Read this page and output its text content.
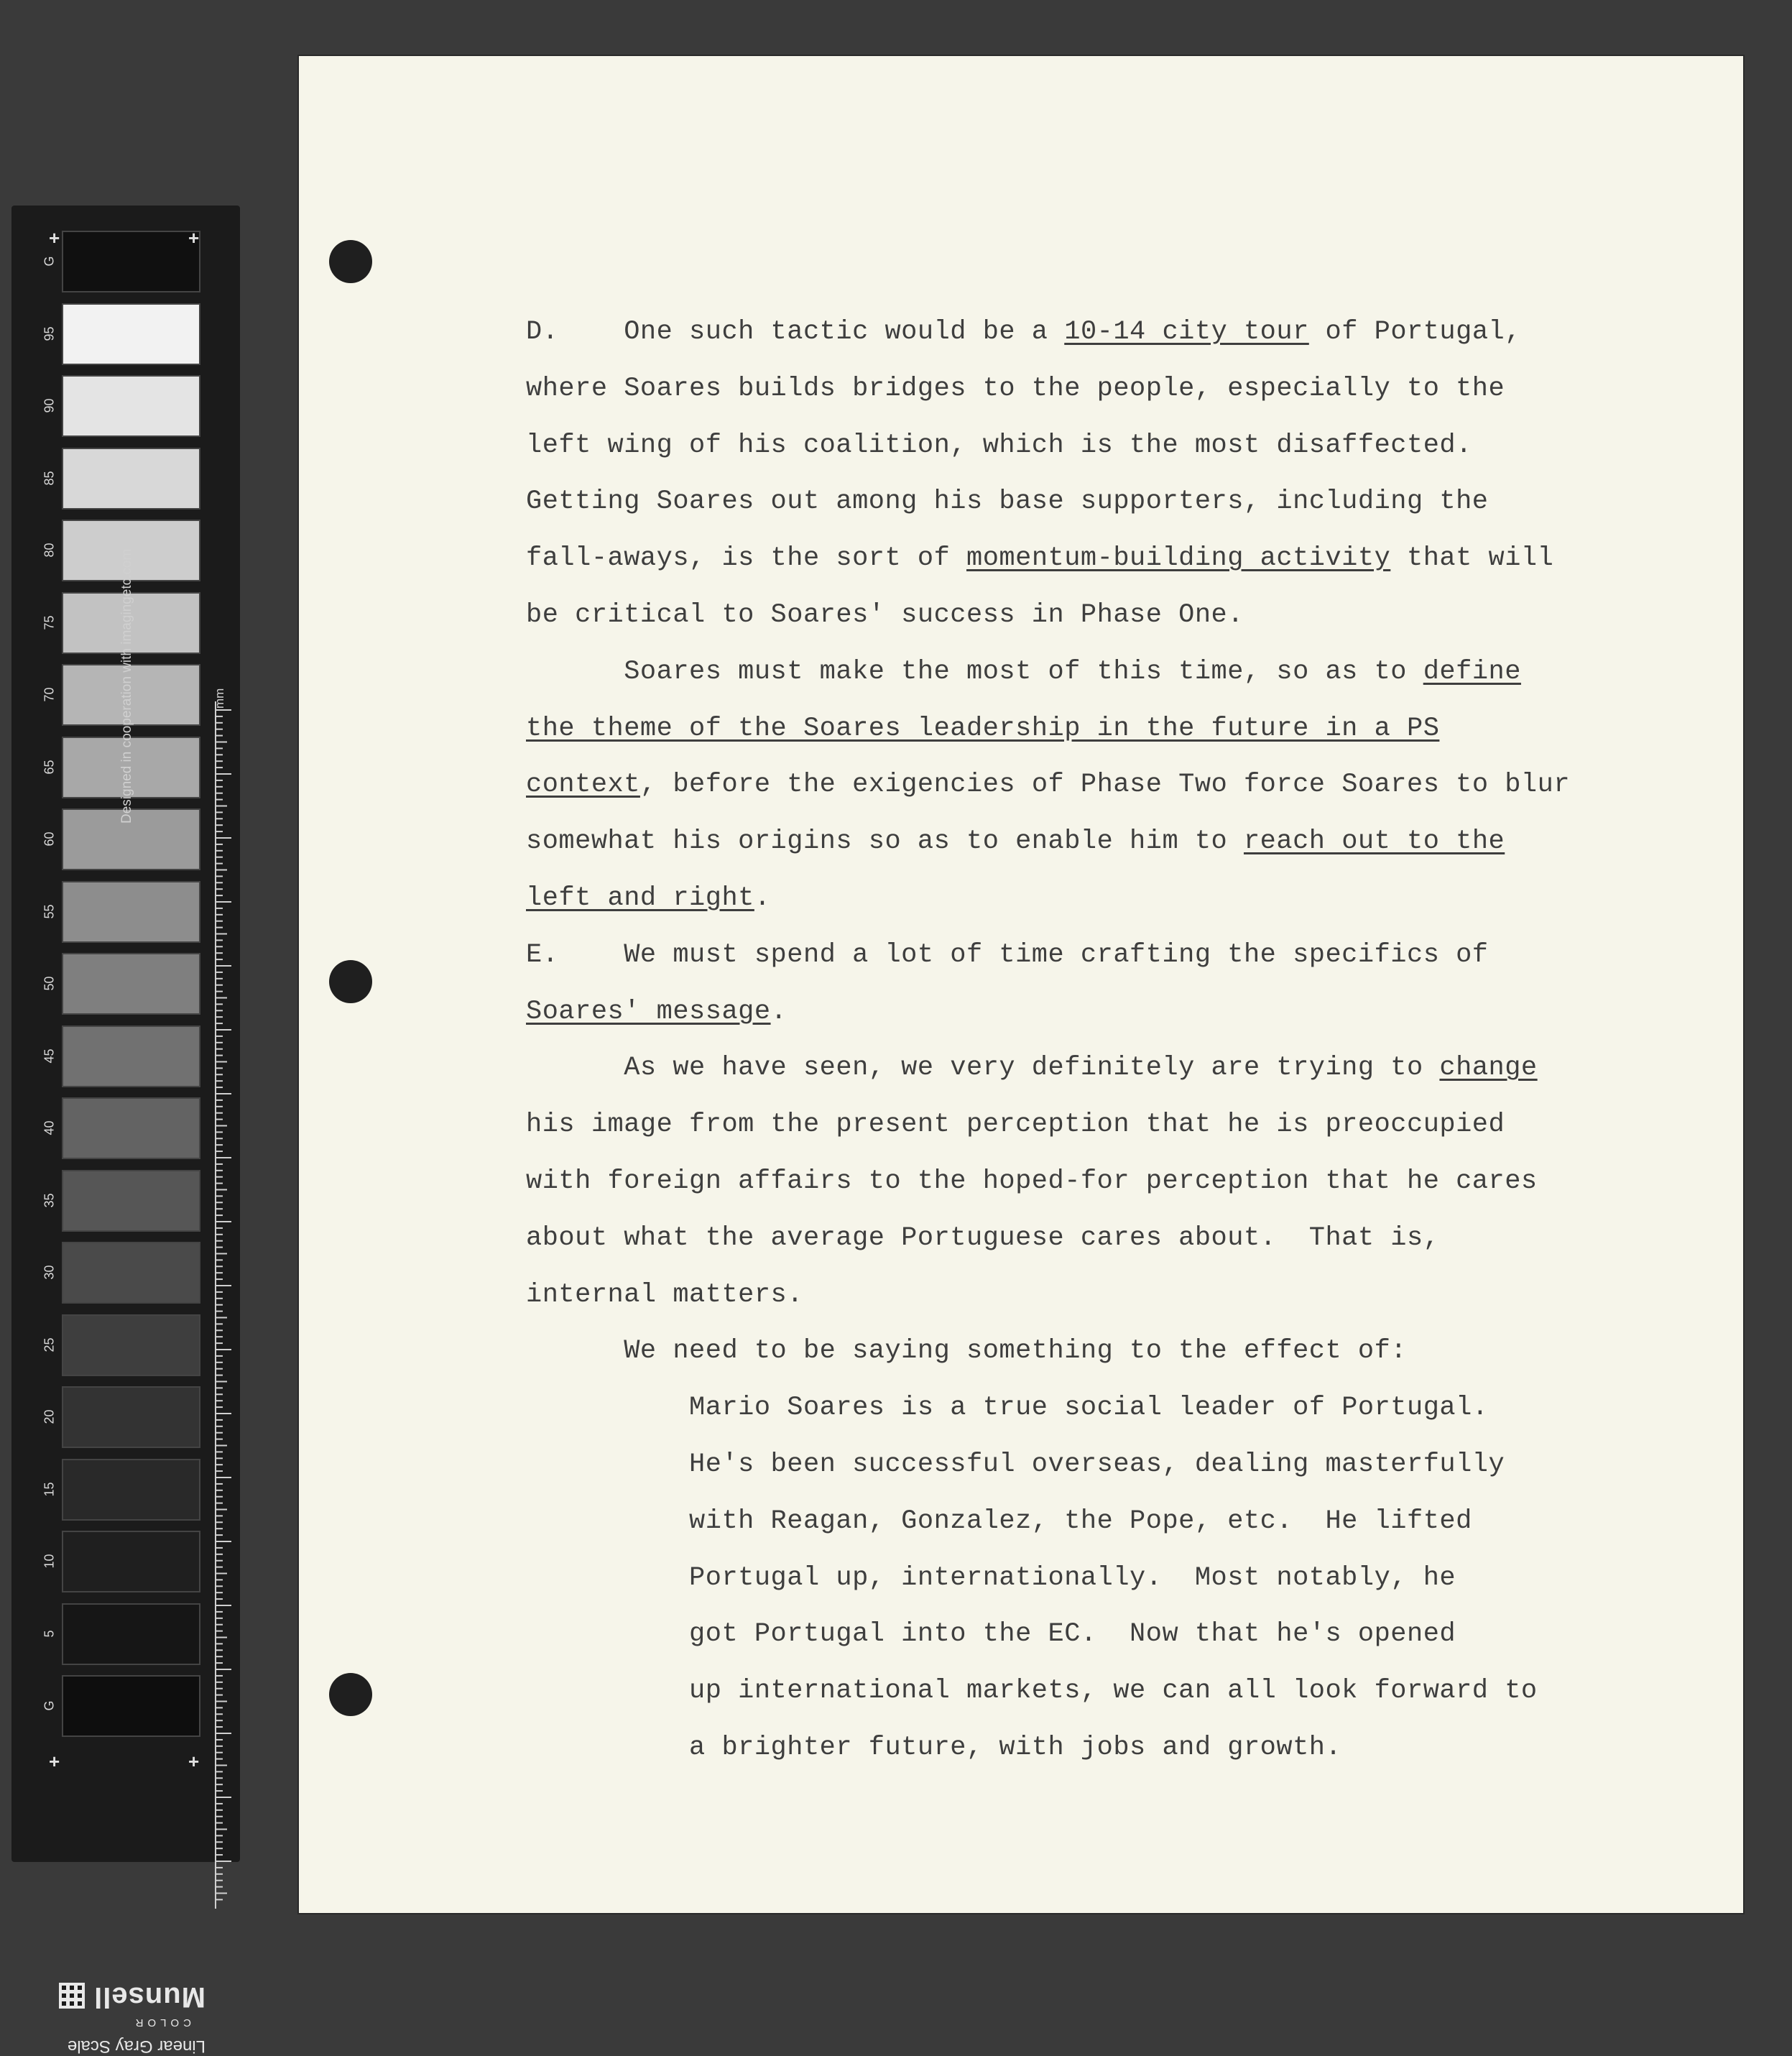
G
95
90
85
80
75
70
65
60
55
50
45
40
35
30
25
20
15
10
5
G
Designed in cooperation with imagingetc.com	mm
+	+
+	+
Linear Gray Scale
COLOR
Munsell
D.    One such tactic would be a 10-14 city tour of Portugal,
where Soares builds bridges to the people, especially to the
left wing of his coalition, which is the most disaffected.
Getting Soares out among his base supporters, including the
fall-aways, is the sort of momentum-building activity that will
be critical to Soares' success in Phase One.
Soares must make the most of this time, so as to define
the theme of the Soares leadership in the future in a PS
context, before the exigencies of Phase Two force Soares to blur
somewhat his origins so as to enable him to reach out to the
left and right.
E.    We must spend a lot of time crafting the specifics of
Soares' message.
As we have seen, we very definitely are trying to change
his image from the present perception that he is preoccupied
with foreign affairs to the hoped-for perception that he cares
about what the average Portuguese cares about.  That is,
internal matters.
We need to be saying something to the effect of:
Mario Soares is a true social leader of Portugal.
He's been successful overseas, dealing masterfully
with Reagan, Gonzalez, the Pope, etc.  He lifted
Portugal up, internationally.  Most notably, he
got Portugal into the EC.  Now that he's opened
up international markets, we can all look forward to
a brighter future, with jobs and growth.
